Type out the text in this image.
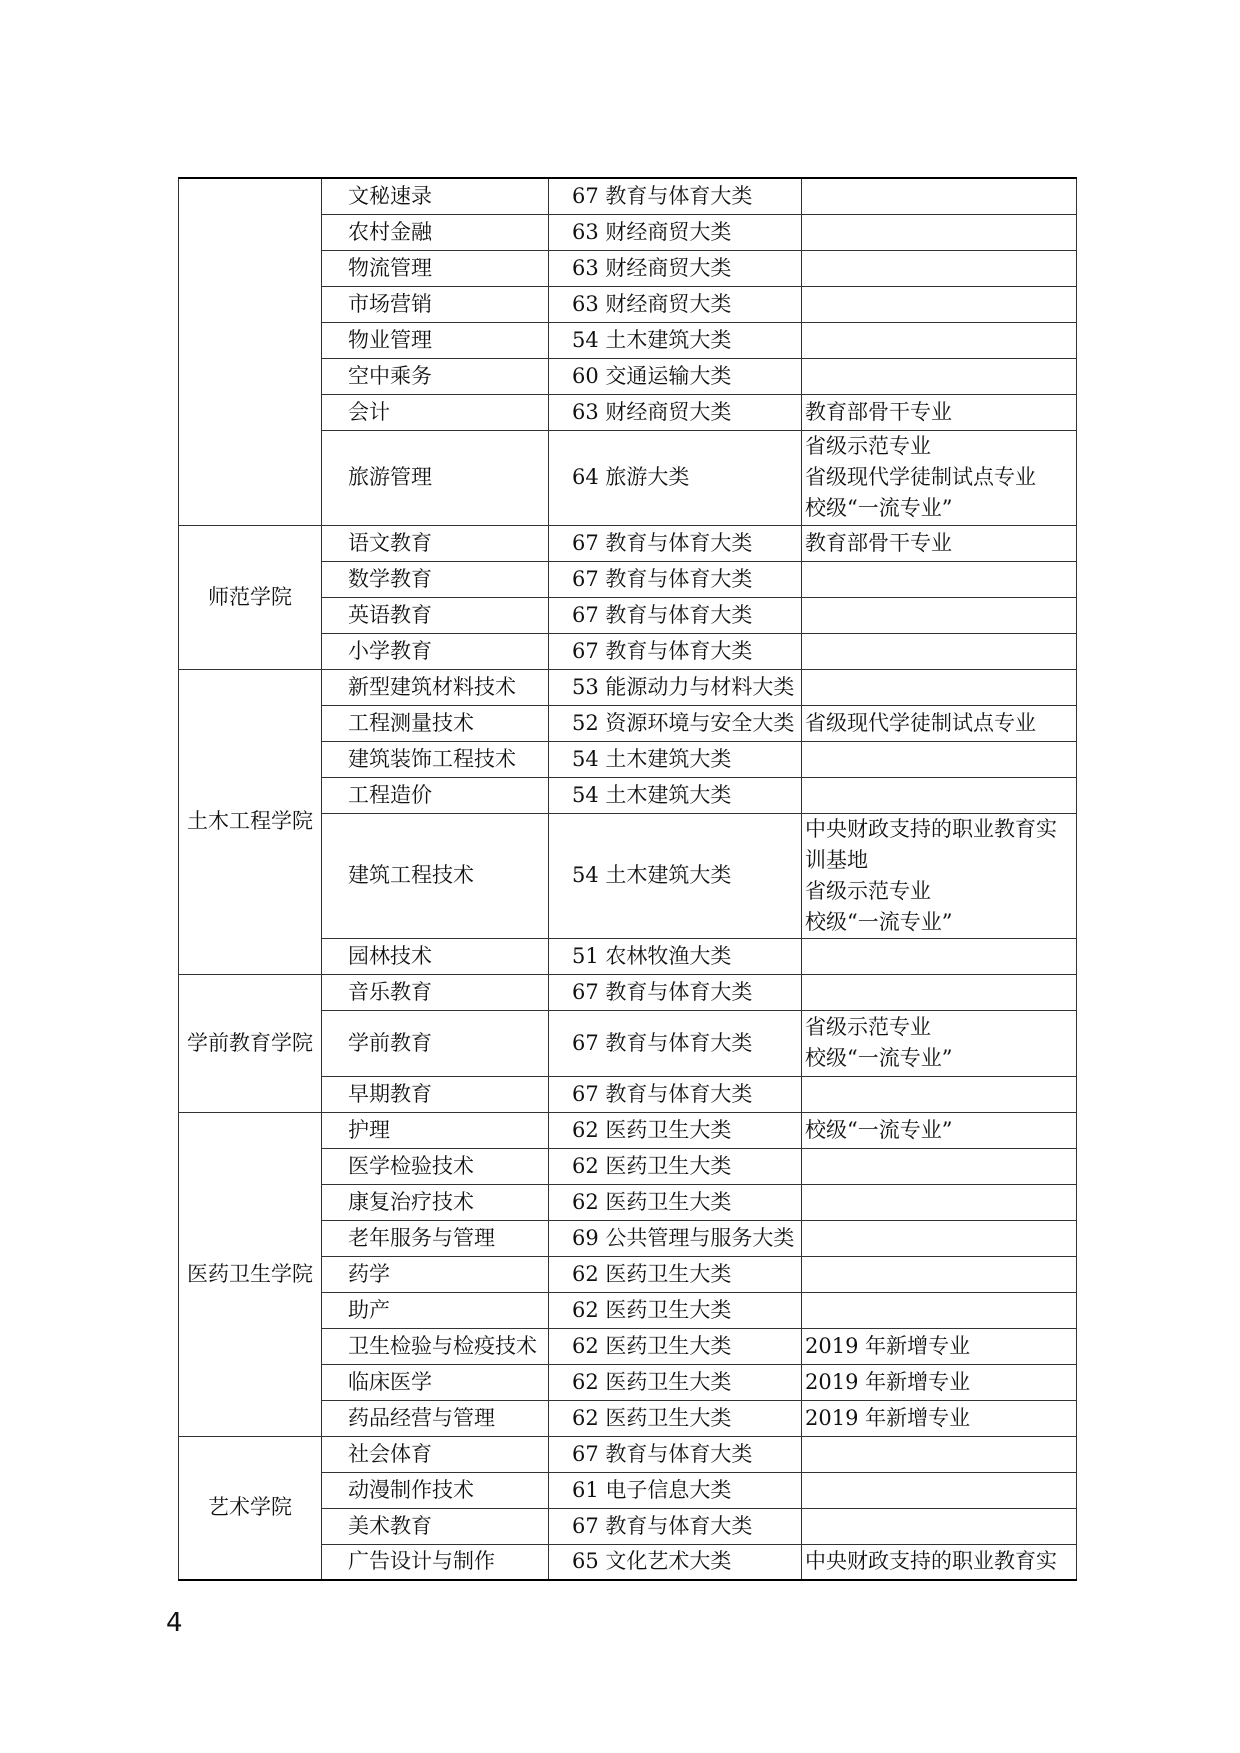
	文秘速录	67 教育与体育大类	
	农村金融	63 财经商贸大类	
	物流管理	63 财经商贸大类	
	市场营销	63 财经商贸大类	
	物业管理	54 土木建筑大类	
	空中乘务	60 交通运输大类	
	会计	63 财经商贸大类	教育部骨干专业

	旅游管理	64 旅游大类	省级示范专业
省级现代学徒制试点专业
校级“一流专业”

师范学院	语文教育	67 教育与体育大类	教育部骨干专业

	数学教育	67 教育与体育大类	
	英语教育	67 教育与体育大类	
	小学教育	67 教育与体育大类	
土木工程学院	新型建筑材料技术	53 能源动力与材料大类	
	工程测量技术	52 资源环境与安全大类	省级现代学徒制试点专业

	建筑装饰工程技术	54 土木建筑大类	
	工程造价	54 土木建筑大类	
	建筑工程技术	54 土木建筑大类	中央财政支持的职业教育实
训基地
省级示范专业
校级“一流专业”

	园林技术	51 农林牧渔大类	
学前教育学院	音乐教育	67 教育与体育大类	
	学前教育	67 教育与体育大类	省级示范专业
校级“一流专业”

	早期教育	67 教育与体育大类	
医药卫生学院	护理	62 医药卫生大类	校级“一流专业”

	医学检验技术	62 医药卫生大类	
	康复治疗技术	62 医药卫生大类	
	老年服务与管理	69 公共管理与服务大类	
	药学	62 医药卫生大类	
	助产	62 医药卫生大类	
	卫生检验与检疫技术	62 医药卫生大类	2019 年新增专业

	临床医学	62 医药卫生大类	2019 年新增专业

	药品经营与管理	62 医药卫生大类	2019 年新增专业

艺术学院	社会体育	67 教育与体育大类	
	动漫制作技术	61 电子信息大类	
	美术教育	67 教育与体育大类	
	广告设计与制作	65 文化艺术大类	中央财政支持的职业教育实
4
